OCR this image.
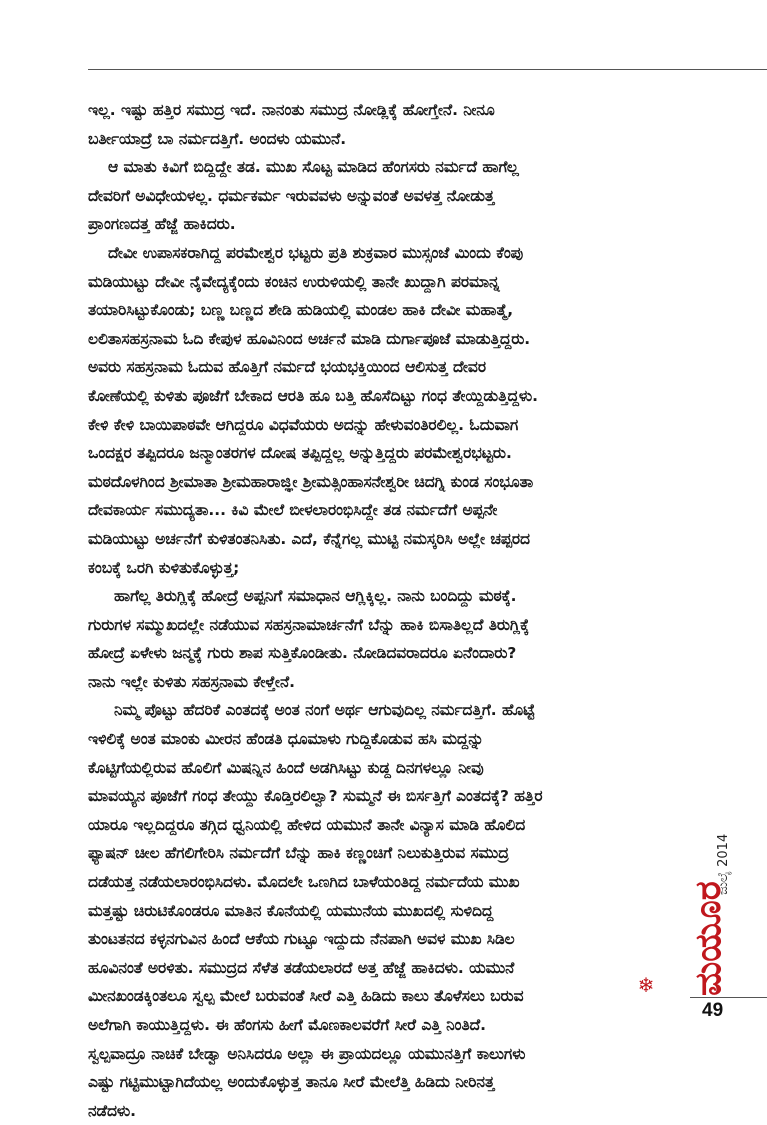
ಇಲ್ಲ. ಇಷ್ಟು ಹತ್ತಿರ ಸಮುದ್ರ ಇದೆ. ನಾನಂತು ಸಮುದ್ರ ನೋಡ್ಲಿಕ್ಕೆ ಹೋಗ್ತೇನೆ. ನೀನೂ
ಬರ್ತೀಯಾದ್ರೆ ಬಾ ನರ್ಮದತ್ತಿಗೆ. ಅಂದಳು ಯಮುನೆ.
ಆ ಮಾತು ಕಿವಿಗೆ ಬಿದ್ದಿದ್ದೇ ತಡ. ಮುಖ ಸೊಟ್ಟ ಮಾಡಿದ ಹೆಂಗಸರು ನರ್ಮದೆ ಹಾಗೆಲ್ಲ
ದೇವರಿಗೆ ಅವಿಧೇಯಳಲ್ಲ. ಧರ್ಮಕರ್ಮ ಇರುವವಳು ಅನ್ನುವಂತೆ ಅವಳತ್ತ ನೋಡುತ್ತ
ಪ್ರಾಂಗಣದತ್ತ ಹೆಜ್ಜೆ ಹಾಕಿದರು.
ದೇವೀ ಉಪಾಸಕರಾಗಿದ್ದ ಪರಮೇಶ್ವರ ಭಟ್ಟರು ಪ್ರತಿ ಶುಕ್ರವಾರ ಮುಸ್ಸಂಜೆ ಮಿಂದು ಕೆಂಪು
ಮಡಿಯುಟ್ಟು ದೇವೀ ನೈವೇದ್ಯಕ್ಕೆಂದು ಕಂಚಿನ ಉರುಳಿಯಲ್ಲಿ ತಾನೇ ಖುದ್ದಾಗಿ ಪರಮಾನ್ನ
ತಯಾರಿಸಿಟ್ಟುಕೊಂಡು; ಬಣ್ಣ ಬಣ್ಣದ ಶೇಡಿ ಹುಡಿಯಲ್ಲಿ ಮಂಡಲ ಹಾಕಿ ದೇವೀ ಮಹಾತ್ಮೆ,
ಲಲಿತಾಸಹಸ್ರನಾಮ ಓದಿ ಕೇಪುಳ ಹೂವಿನಿಂದ ಅರ್ಚನೆ ಮಾಡಿ ದುರ್ಗಾಪೂಜೆ ಮಾಡುತ್ತಿದ್ದರು.
ಅವರು ಸಹಸ್ರನಾಮ ಓದುವ ಹೊತ್ತಿಗೆ ನರ್ಮದೆ ಭಯಭಕ್ತಿಯಿಂದ ಆಲಿಸುತ್ತ ದೇವರ
ಕೋಣೆಯಲ್ಲಿ ಕುಳಿತು ಪೂಜೆಗೆ ಬೇಕಾದ ಆರತಿ ಹೂ ಬತ್ತಿ ಹೊಸೆದಿಟ್ಟು ಗಂಧ ತೇಯ್ದಿಡುತ್ತಿದ್ದಳು.
ಕೇಳಿ ಕೇಳಿ ಬಾಯಿಪಾಠವೇ ಆಗಿದ್ದರೂ ವಿಧವೆಯರು ಅದನ್ನು ಹೇಳುವಂತಿರಲಿಲ್ಲ. ಓದುವಾಗ
ಒಂದಕ್ಷರ ತಪ್ಪಿದರೂ ಜನ್ಮಾಂತರಗಳ ದೋಷ ತಪ್ಪಿದ್ದಲ್ಲ ಅನ್ನುತ್ತಿದ್ದರು ಪರಮೇಶ್ವರಭಟ್ಟರು.
ಮಠದೊಳಗಿಂದ ಶ್ರೀಮಾತಾ ಶ್ರೀಮಹಾರಾಜ್ಞೀ ಶ್ರೀಮತ್ಸಿಂಹಾಸನೇಶ್ವರೀ ಚಿದಗ್ನಿ ಕುಂಡ ಸಂಭೂತಾ
ದೇವಕಾರ್ಯ ಸಮುದ್ಯತಾ... ಕಿವಿ ಮೇಲೆ ಬೀಳಲಾರಂಭಿಸಿದ್ದೇ ತಡ ನರ್ಮದೆಗೆ ಅಪ್ಪನೇ
ಮಡಿಯುಟ್ಟು ಅರ್ಚನೆಗೆ ಕುಳಿತಂತನಿಸಿತು. ಎದೆ, ಕೆನ್ನೆಗಲ್ಲ ಮುಟ್ಟಿ ನಮಸ್ಕರಿಸಿ ಅಲ್ಲೇ ಚಪ್ಪರದ
ಕಂಬಕ್ಕೆ ಒರಗಿ ಕುಳಿತುಕೊಳ್ಳುತ್ತ;
ಹಾಗೆಲ್ಲ ತಿರುಗ್ಲಿಕ್ಕೆ ಹೋದ್ರೆ ಅಪ್ಪನಿಗೆ ಸಮಾಧಾನ ಆಗ್ಲಿಕ್ಕಿಲ್ಲ. ನಾನು ಬಂದಿದ್ದು ಮಠಕ್ಕೆ.
ಗುರುಗಳ ಸಮ್ಮುಖದಲ್ಲೇ ನಡೆಯುವ ಸಹಸ್ರನಾಮಾರ್ಚನೆಗೆ ಬೆನ್ನು ಹಾಕಿ ಬಿಸಾತಿಲ್ಲದೆ ತಿರುಗ್ಲಿಕ್ಕೆ
ಹೋದ್ರೆ ಏಳೇಳು ಜನ್ಮಕ್ಕೆ ಗುರು ಶಾಪ ಸುತ್ತಿಕೊಂಡೀತು. ನೋಡಿದವರಾದರೂ ಏನೆಂದಾರು?
ನಾನು ಇಲ್ಲೇ ಕುಳಿತು ಸಹಸ್ರನಾಮ ಕೇಳ್ತೇನೆ.
ನಿಮ್ಮ ಪೊಟ್ಟು ಹೆದರಿಕೆ ಎಂತದಕ್ಕೆ ಅಂತ ನಂಗೆ ಅರ್ಥ ಆಗುವುದಿಲ್ಲ ನರ್ಮದತ್ತಿಗೆ. ಹೊಟ್ಟೆ
ಇಳಿಲಿಕ್ಕೆ ಅಂತ ಮಾಂಕು ಮೀರನ ಹೆಂಡತಿ ಧೂಮಾಳು ಗುದ್ದಿಕೊಡುವ ಹಸಿ ಮದ್ದನ್ನು
ಕೊಟ್ಟಿಗೆಯಲ್ಲಿರುವ ಹೊಲಿಗೆ ಮಿಷನ್ನಿನ ಹಿಂದೆ ಅಡಗಿಸಿಟ್ಟು ಕುಡ್ದ ದಿನಗಳಲ್ಲೂ ನೀವು
ಮಾವಯ್ಯನ ಪೂಜೆಗೆ ಗಂಧ ತೇಯ್ದು ಕೊಡ್ತಿರಲಿಲ್ವಾ? ಸುಮ್ಮನೆ ಈ ಬಿರ್ಸತ್ತಿಗೆ ಎಂತದಕ್ಕೆ? ಹತ್ತಿರ
ಯಾರೂ ಇಲ್ಲದಿದ್ದರೂ ತಗ್ಗಿದ ಧ್ವನಿಯಲ್ಲಿ ಹೇಳಿದ ಯಮುನೆ ತಾನೇ ವಿನ್ಯಾಸ ಮಾಡಿ ಹೊಲಿದ
ಫ್ಯಾಷನ್ ಚೀಲ ಹೆಗಲಿಗೇರಿಸಿ ನರ್ಮದೆಗೆ ಬೆನ್ನು ಹಾಕಿ ಕಣ್ಣಂಚಿಗೆ ನಿಲುಕುತ್ತಿರುವ ಸಮುದ್ರ
ದಡೆಯತ್ತ ನಡೆಯಲಾರಂಭಿಸಿದಳು. ಮೊದಲೇ ಒಣಗಿದ ಬಾಳೆಯಂತಿದ್ದ ನರ್ಮದೆಯ ಮುಖ
ಮತ್ತಷ್ಟು ಚಿರುಟಿಕೊಂಡರೂ ಮಾತಿನ ಕೊನೆಯಲ್ಲಿ ಯಮುನೆಯ ಮುಖದಲ್ಲಿ ಸುಳಿದಿದ್ದ
ತುಂಟತನದ ಕಳ್ಳನಗುವಿನ ಹಿಂದೆ ಆಕೆಯ ಗುಟ್ಟೂ ಇದ್ದುದು ನೆನಪಾಗಿ ಅವಳ ಮುಖ ಸಿಡಿಲ
ಹೂವಿನಂತೆ ಅರಳಿತು. ಸಮುದ್ರದ ಸೆಳೆತ ತಡೆಯಲಾರದೆ ಅತ್ತ ಹೆಜ್ಜೆ ಹಾಕಿದಳು. ಯಮುನೆ
ಮೀನಖಂಡಕ್ಕಿಂತಲೂ ಸ್ವಲ್ಪ ಮೇಲೆ ಬರುವಂತೆ ಸೀರೆ ಎತ್ತಿ ಹಿಡಿದು ಕಾಲು ತೊಳೆಸಲು ಬರುವ
ಅಲೆಗಾಗಿ ಕಾಯುತ್ತಿದ್ದಳು. ಈ ಹೆಂಗಸು ಹೀಗೆ ಮೊಣಕಾಲವರೆಗೆ ಸೀರೆ ಎತ್ತಿ ನಿಂತಿದೆ.
ಸ್ವಲ್ಪವಾದ್ರೂ ನಾಚಿಕೆ ಬೇಡ್ವಾ ಅನಿಸಿದರೂ ಅಲ್ಲಾ ಈ ಪ್ರಾಯದಲ್ಲೂ ಯಮುನತ್ತಿಗೆ ಕಾಲುಗಳು
ಎಷ್ಟು ಗಟ್ಟಿಮುಟ್ಟಾಗಿದೆಯಲ್ಲ ಅಂದುಕೊಳ್ಳುತ್ತ ತಾನೂ ಸೀರೆ ಮೇಲೆತ್ತಿ ಹಿಡಿದು ನೀರಿನತ್ತ
ನಡೆದಳು.
ಜುಲೈ 2014
ಮಯೂರ
❄
49
